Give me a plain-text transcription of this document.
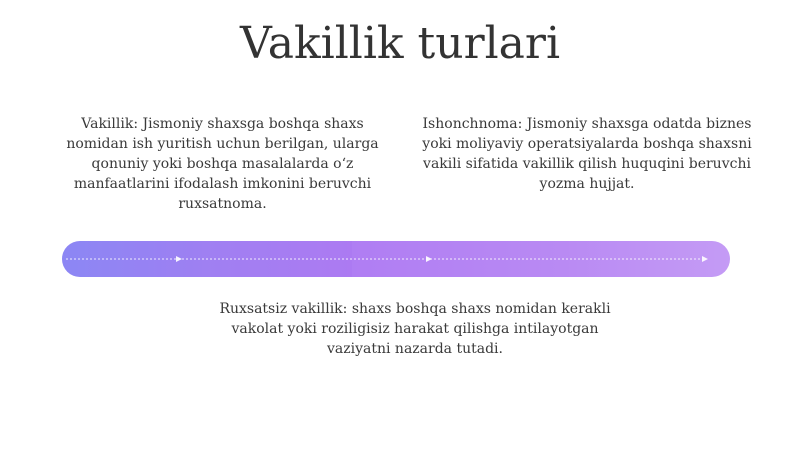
Vakillik turlari
Vakillik: Jismoniy shaxsga boshqa shaxs nomidan ish yuritish uchun berilgan, ularga qonuniy yoki boshqa masalalarda o‘z manfaatlarini ifodalash imkonini beruvchi ruxsatnoma.
Ishonchnoma: Jismoniy shaxsga odatda biznes yoki moliyaviy operatsiyalarda boshqa shaxsni vakili sifatida vakillik qilish huquqini beruvchi yozma hujjat.
Ruxsatsiz vakillik: shaxs boshqa shaxs nomidan kerakli vakolat yoki roziligisiz harakat qilishga intilayotgan vaziyatni nazarda tutadi.
